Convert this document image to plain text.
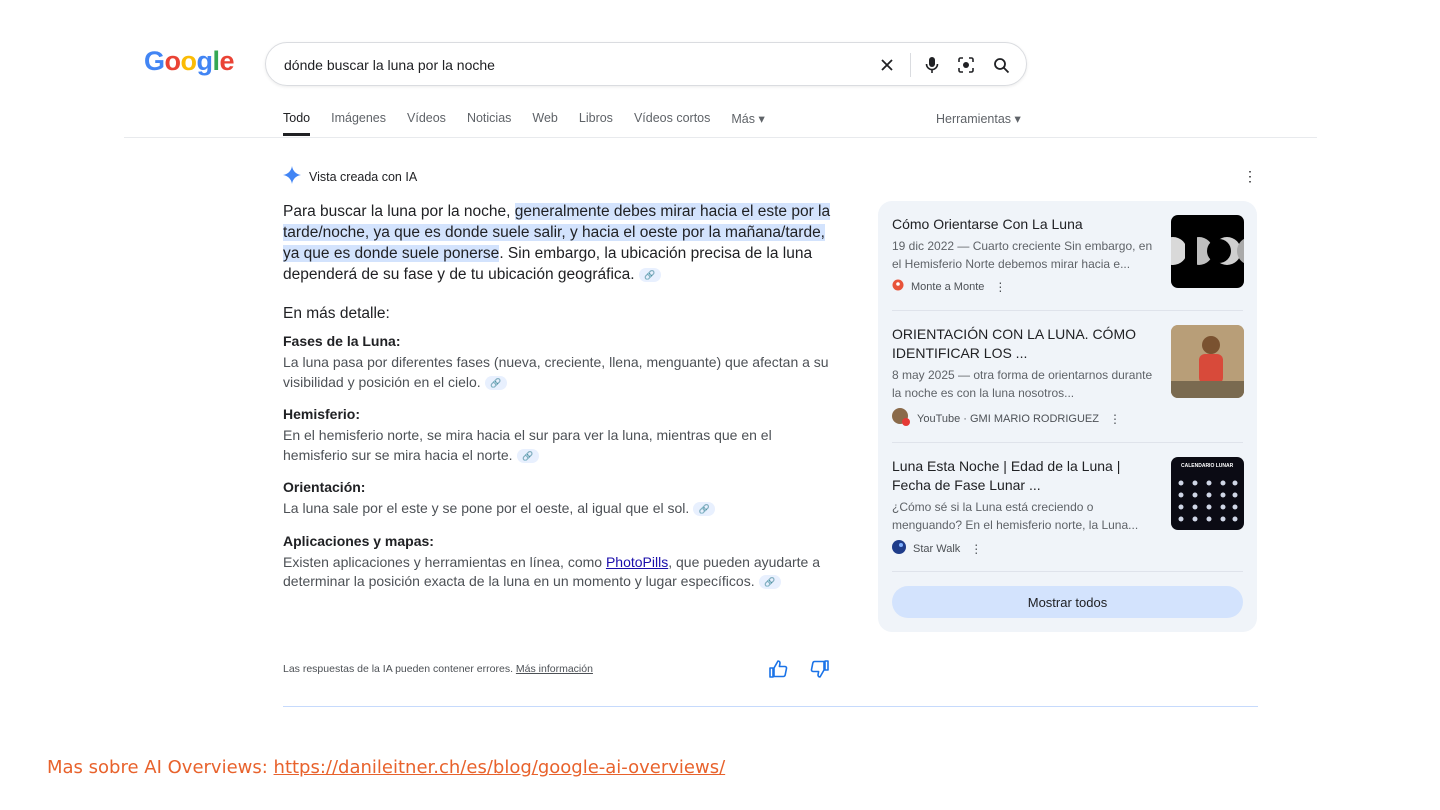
Google	dónde buscar la luna por la noche
Todo Imágenes Vídeos Noticias Web Libros Vídeos cortos Más ▾	Herramientas ▾
Vista creada con IA	⋮

Para buscar la luna por la noche, generalmente debes mirar hacia el este por la tarde/noche, ya que es donde suele salir, y hacia el oeste por la mañana/tarde, ya que es donde suele ponerse. Sin embargo, la ubicación precisa de la luna dependerá de su fase y de tu ubicación geográfica. 🔗

En más detalle:
Fases de la Luna:

La luna pasa por diferentes fases (nueva, creciente, llena, menguante) que afectan a su visibilidad y posición en el cielo. 🔗

Hemisferio:

En el hemisferio norte, se mira hacia el sur para ver la luna, mientras que en el hemisferio sur se mira hacia el norte. 🔗

Orientación:

La luna sale por el este y se pone por el oeste, al igual que el sol. 🔗

Aplicaciones y mapas:

Existen aplicaciones y herramientas en línea, como PhotoPills, que pueden ayudarte a determinar la posición exacta de la luna en un momento y lugar específicos. 🔗

Las respuestas de la IA pueden contener errores. Más información
Cómo Orientarse Con La Luna
19 dic 2022 — Cuarto creciente Sin embargo, en el Hemisferio Norte debemos mirar hacia e...
Monte a Monte ⋮
ORIENTACIÓN CON LA LUNA. CÓMO IDENTIFICAR LOS ...
8 may 2025 — otra forma de orientarnos durante la noche es con la luna nosotros...
YouTube · GMI MARIO RODRIGUEZ ⋮
Luna Esta Noche | Edad de la Luna | Fecha de Fase Lunar ...
¿Cómo sé si la Luna está creciendo o menguando? En el hemisferio norte, la Luna...
Star Walk ⋮
CALENDARIO LUNAR
Mostrar todos
Mas sobre AI Overviews: https://danileitner.ch/es/blog/google-ai-overviews/
